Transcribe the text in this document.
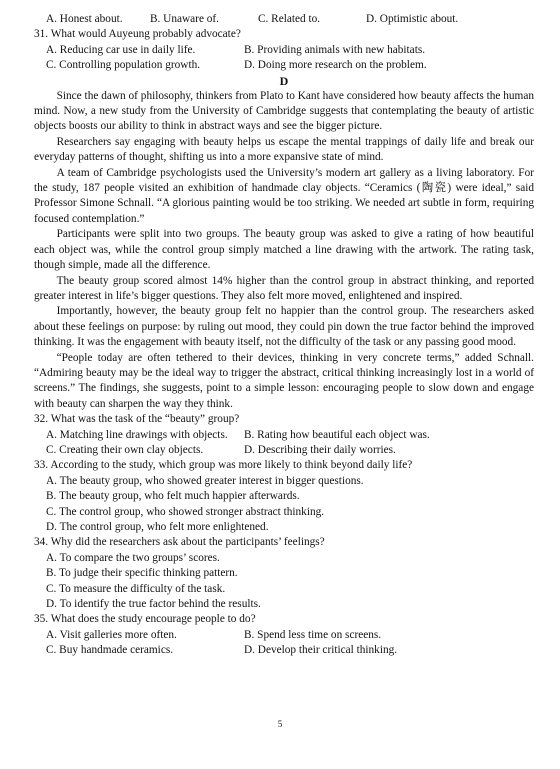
A. Honest about.	B. Unaware of.	C. Related to.	D. Optimistic about.
31. What would Auyeung probably advocate?
A. Reducing car use in daily life.	B. Providing animals with new habitats.
C. Controlling population growth.	D. Doing more research on the problem.
D

Since the dawn of philosophy, thinkers from Plato to Kant have considered how beauty affects the human mind. Now, a new study from the University of Cambridge suggests that contemplating the beauty of artistic objects boosts our ability to think in abstract ways and see the bigger picture.

Researchers say engaging with beauty helps us escape the mental trappings of daily life and break our everyday patterns of thought, shifting us into a more expansive state of mind.

A team of Cambridge psychologists used the University’s modern art gallery as a living laboratory. For the study, 187 people visited an exhibition of handmade clay objects. “Ceramics (陶瓷) were ideal,” said Professor Simone Schnall. “A glorious painting would be too striking. We needed art subtle in form, requiring focused contemplation.”

Participants were split into two groups. The beauty group was asked to give a rating of how beautiful each object was, while the control group simply matched a line drawing with the artwork. The rating task, though simple, made all the difference.

The beauty group scored almost 14% higher than the control group in abstract thinking, and reported greater interest in life’s bigger questions. They also felt more moved, enlightened and inspired.

Importantly, however, the beauty group felt no happier than the control group. The researchers asked about these feelings on purpose: by ruling out mood, they could pin down the true factor behind the improved thinking. It was the engagement with beauty itself, not the difficulty of the task or any passing good mood.

“People today are often tethered to their devices, thinking in very concrete terms,” added Schnall. “Admiring beauty may be the ideal way to trigger the abstract, critical thinking increasingly lost in a world of screens.” The findings, she suggests, point to a simple lesson: encouraging people to slow down and engage with beauty can sharpen the way they think.

32. What was the task of the “beauty” group?
A. Matching line drawings with objects.	B. Rating how beautiful each object was.
C. Creating their own clay objects.	D. Describing their daily worries.
33. According to the study, which group was more likely to think beyond daily life?
A. The beauty group, who showed greater interest in bigger questions.
B. The beauty group, who felt much happier afterwards.
C. The control group, who showed stronger abstract thinking.
D. The control group, who felt more enlightened.
34. Why did the researchers ask about the participants’ feelings?
A. To compare the two groups’ scores.
B. To judge their specific thinking pattern.
C. To measure the difficulty of the task.
D. To identify the true factor behind the results.
35. What does the study encourage people to do?
A. Visit galleries more often.	B. Spend less time on screens.
C. Buy handmade ceramics.	D. Develop their critical thinking.
5
